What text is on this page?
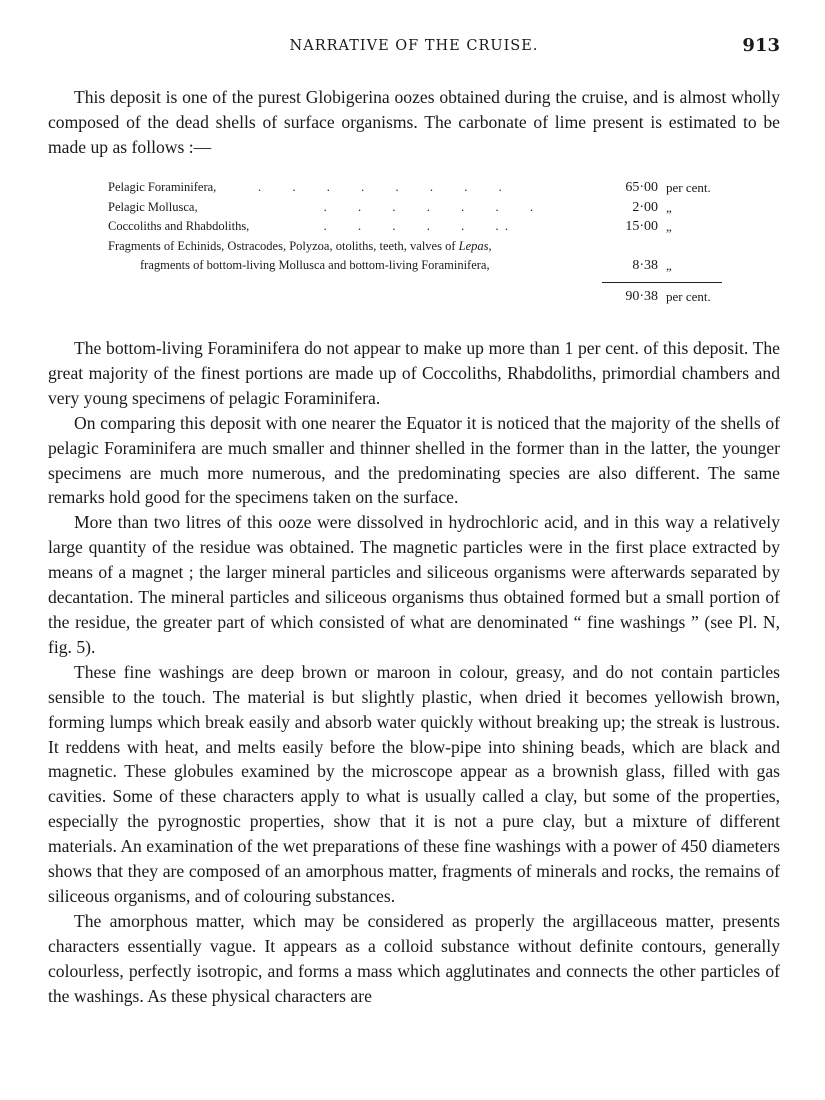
NARRATIVE OF THE CRUISE.	913

This deposit is one of the purest Globigerina oozes obtained during the cruise, and is almost wholly composed of the dead shells of surface organisms. The carbonate of lime present is estimated to be made up as follows :—

Pelagic Foraminifera,	.          .          .          .          .          .          .          .	65·00 per cent.
Pelagic Mollusca,	.          .          .          .          .          .          .	2·00 „
Coccoliths and Rhabdoliths, .          .          .          .          .          .  .	15·00 „
Fragments of Echinids, Ostracodes, Polyzoa, otoliths, teeth, valves of Lepas,
fragments of bottom-living Mollusca and bottom-living Foraminifera,	8·38 „
90·38 per cent.

The bottom-living Foraminifera do not appear to make up more than 1 per cent. of this deposit. The great majority of the finest portions are made up of Coccoliths, Rhabdoliths, primordial chambers and very young specimens of pelagic Foraminifera.

On comparing this deposit with one nearer the Equator it is noticed that the majority of the shells of pelagic Foraminifera are much smaller and thinner shelled in the former than in the latter, the younger specimens are much more numerous, and the predominating species are also different. The same remarks hold good for the specimens taken on the surface.

More than two litres of this ooze were dissolved in hydrochloric acid, and in this way a relatively large quantity of the residue was obtained. The magnetic particles were in the first place extracted by means of a magnet ; the larger mineral particles and siliceous organisms were afterwards separated by decantation. The mineral particles and siliceous organisms thus obtained formed but a small portion of the residue, the greater part of which consisted of what are denominated “ fine washings ” (see Pl. N, fig. 5).

These fine washings are deep brown or maroon in colour, greasy, and do not contain particles sensible to the touch. The material is but slightly plastic, when dried it becomes yellowish brown, forming lumps which break easily and absorb water quickly without breaking up; the streak is lustrous. It reddens with heat, and melts easily before the blow-pipe into shining beads, which are black and magnetic. These globules examined by the microscope appear as a brownish glass, filled with gas cavities. Some of these characters apply to what is usually called a clay, but some of the properties, especially the pyrognostic properties, show that it is not a pure clay, but a mixture of different materials. An examination of the wet preparations of these fine washings with a power of 450 diameters shows that they are composed of an amorphous matter, fragments of minerals and rocks, the remains of siliceous organisms, and of colouring substances.

The amorphous matter, which may be considered as properly the argillaceous matter, presents characters essentially vague. It appears as a colloid substance without definite contours, generally colourless, perfectly isotropic, and forms a mass which agglutinates and connects the other particles of the washings. As these physical characters are
